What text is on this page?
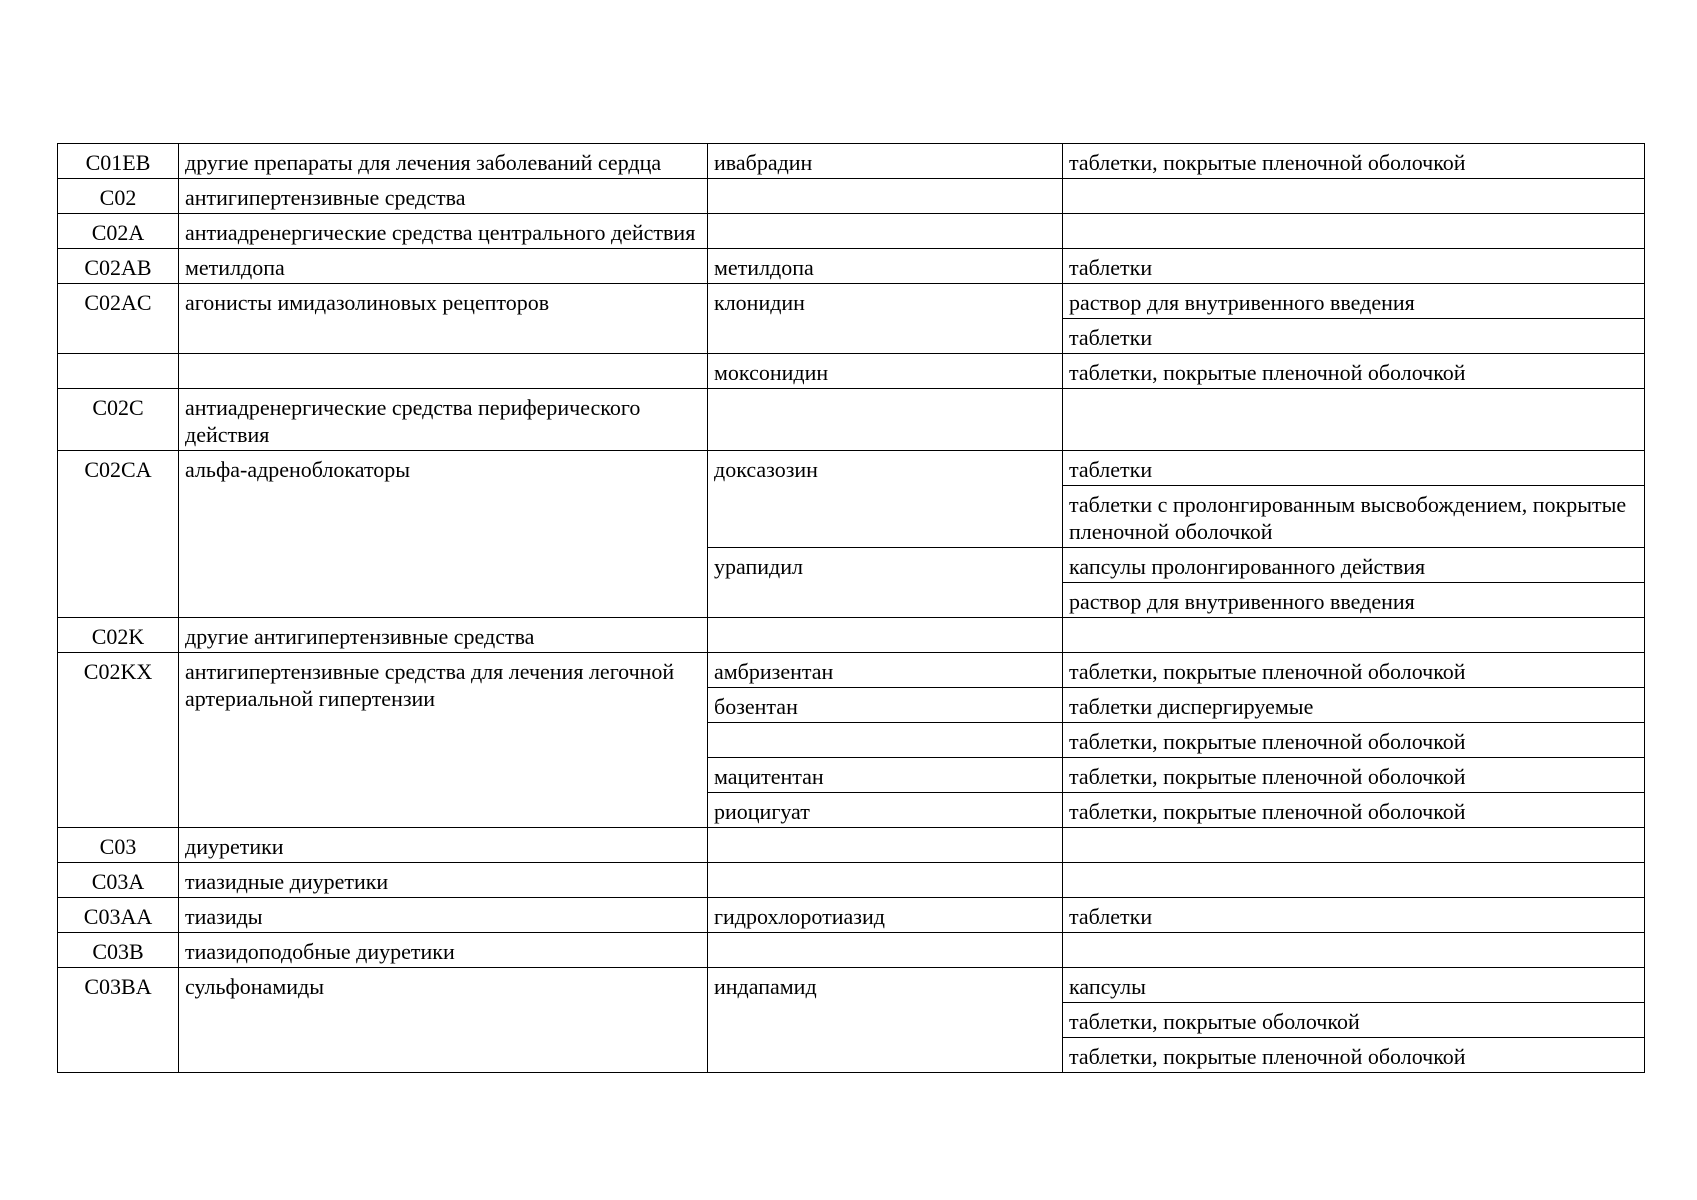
C01EB	другие препараты для лечения заболеваний сердца	ивабрадин	таблетки, покрытые пленочной оболочкой
C02	антигипертензивные средства		
C02A	антиадренергические средства центрального действия		
C02AB	метилдопа	метилдопа	таблетки
C02AC	агонисты имидазолиновых рецепторов	клонидин	раствор для внутривенного введения
			таблетки
		моксонидин	таблетки, покрытые пленочной оболочкой
C02C	антиадренергические средства периферического действия		
C02CA	альфа-адреноблокаторы	доксазозин	таблетки
			таблетки с пролонгированным высвобождением, покрытые пленочной оболочкой
		урапидил	капсулы пролонгированного действия
			раствор для внутривенного введения
C02K	другие антигипертензивные средства		
C02KX	антигипертензивные средства для лечения легочной артериальной гипертензии	амбризентан	таблетки, покрытые пленочной оболочкой
		бозентан	таблетки диспергируемые
			таблетки, покрытые пленочной оболочкой
		мацитентан	таблетки, покрытые пленочной оболочкой
		риоцигуат	таблетки, покрытые пленочной оболочкой
C03	диуретики		
C03A	тиазидные диуретики		
C03AA	тиазиды	гидрохлоротиазид	таблетки
C03B	тиазидоподобные диуретики		
C03BA	сульфонамиды	индапамид	капсулы
			таблетки, покрытые оболочкой
			таблетки, покрытые пленочной оболочкой
